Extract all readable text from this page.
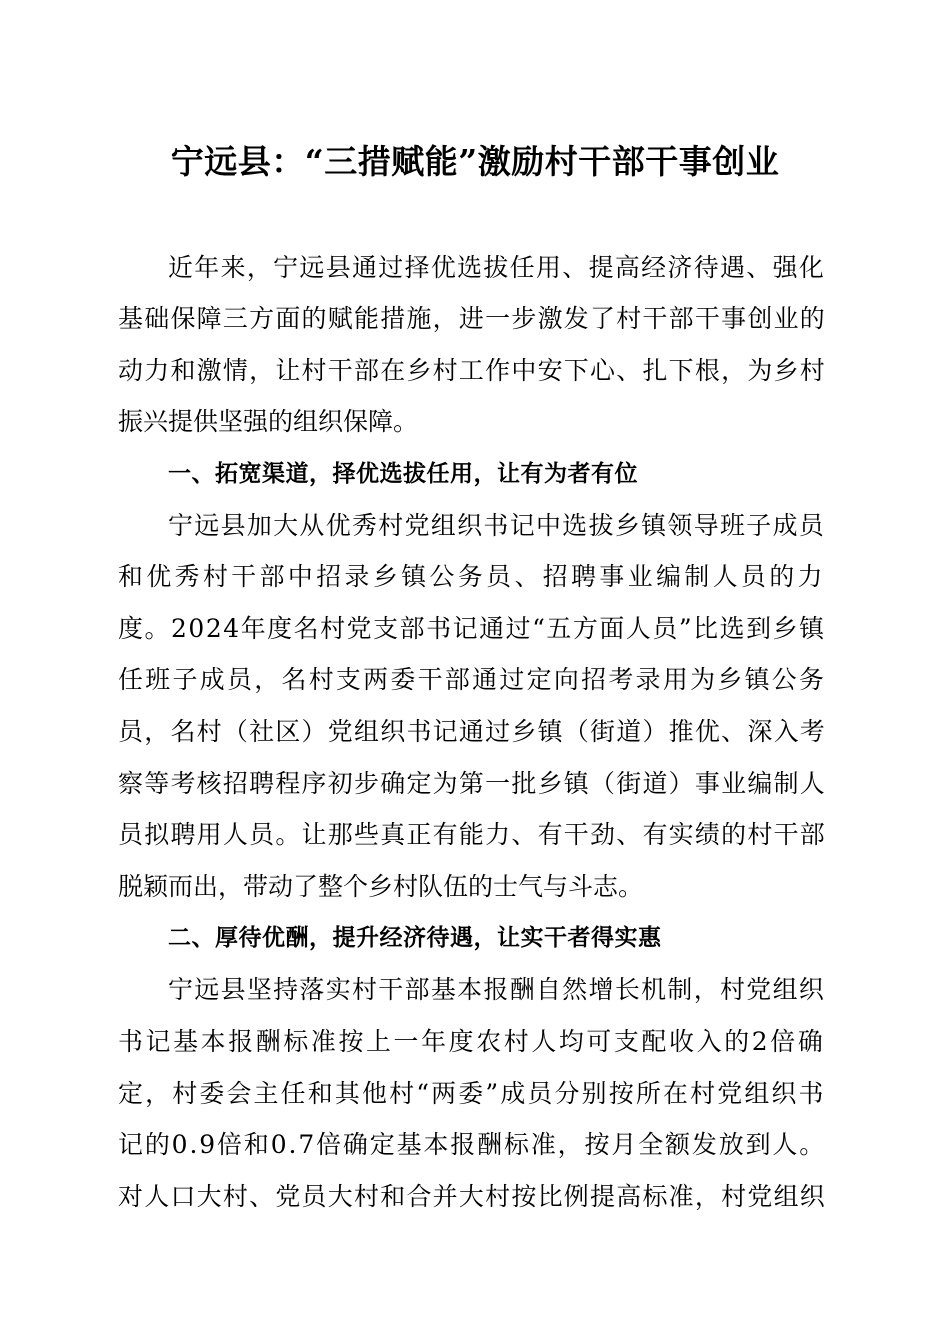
宁远县：“三措赋能”激励村干部干事创业
近年来，宁远县通过择优选拔任用、提高经济待遇、强化
基础保障三方面的赋能措施，进一步激发了村干部干事创业的
动力和激情，让村干部在乡村工作中安下心、扎下根，为乡村
振兴提供坚强的组织保障。
一、拓宽渠道，择优选拔任用，让有为者有位
宁远县加大从优秀村党组织书记中选拔乡镇领导班子成员
和优秀村干部中招录乡镇公务员、招聘事业编制人员的力
度。2024年度名村党支部书记通过“五方面人员”比选到乡镇
任班子成员，名村支两委干部通过定向招考录用为乡镇公务
员，名村（社区）党组织书记通过乡镇（街道）推优、深入考
察等考核招聘程序初步确定为第一批乡镇（街道）事业编制人
员拟聘用人员。让那些真正有能力、有干劲、有实绩的村干部
脱颖而出，带动了整个乡村队伍的士气与斗志。
二、厚待优酬，提升经济待遇，让实干者得实惠
宁远县坚持落实村干部基本报酬自然增长机制，村党组织
书记基本报酬标准按上一年度农村人均可支配收入的2倍确
定，村委会主任和其他村“两委”成员分别按所在村党组织书
记的0.9倍和0.7倍确定基本报酬标准，按月全额发放到人。
对人口大村、党员大村和合并大村按比例提高标准，村党组织
